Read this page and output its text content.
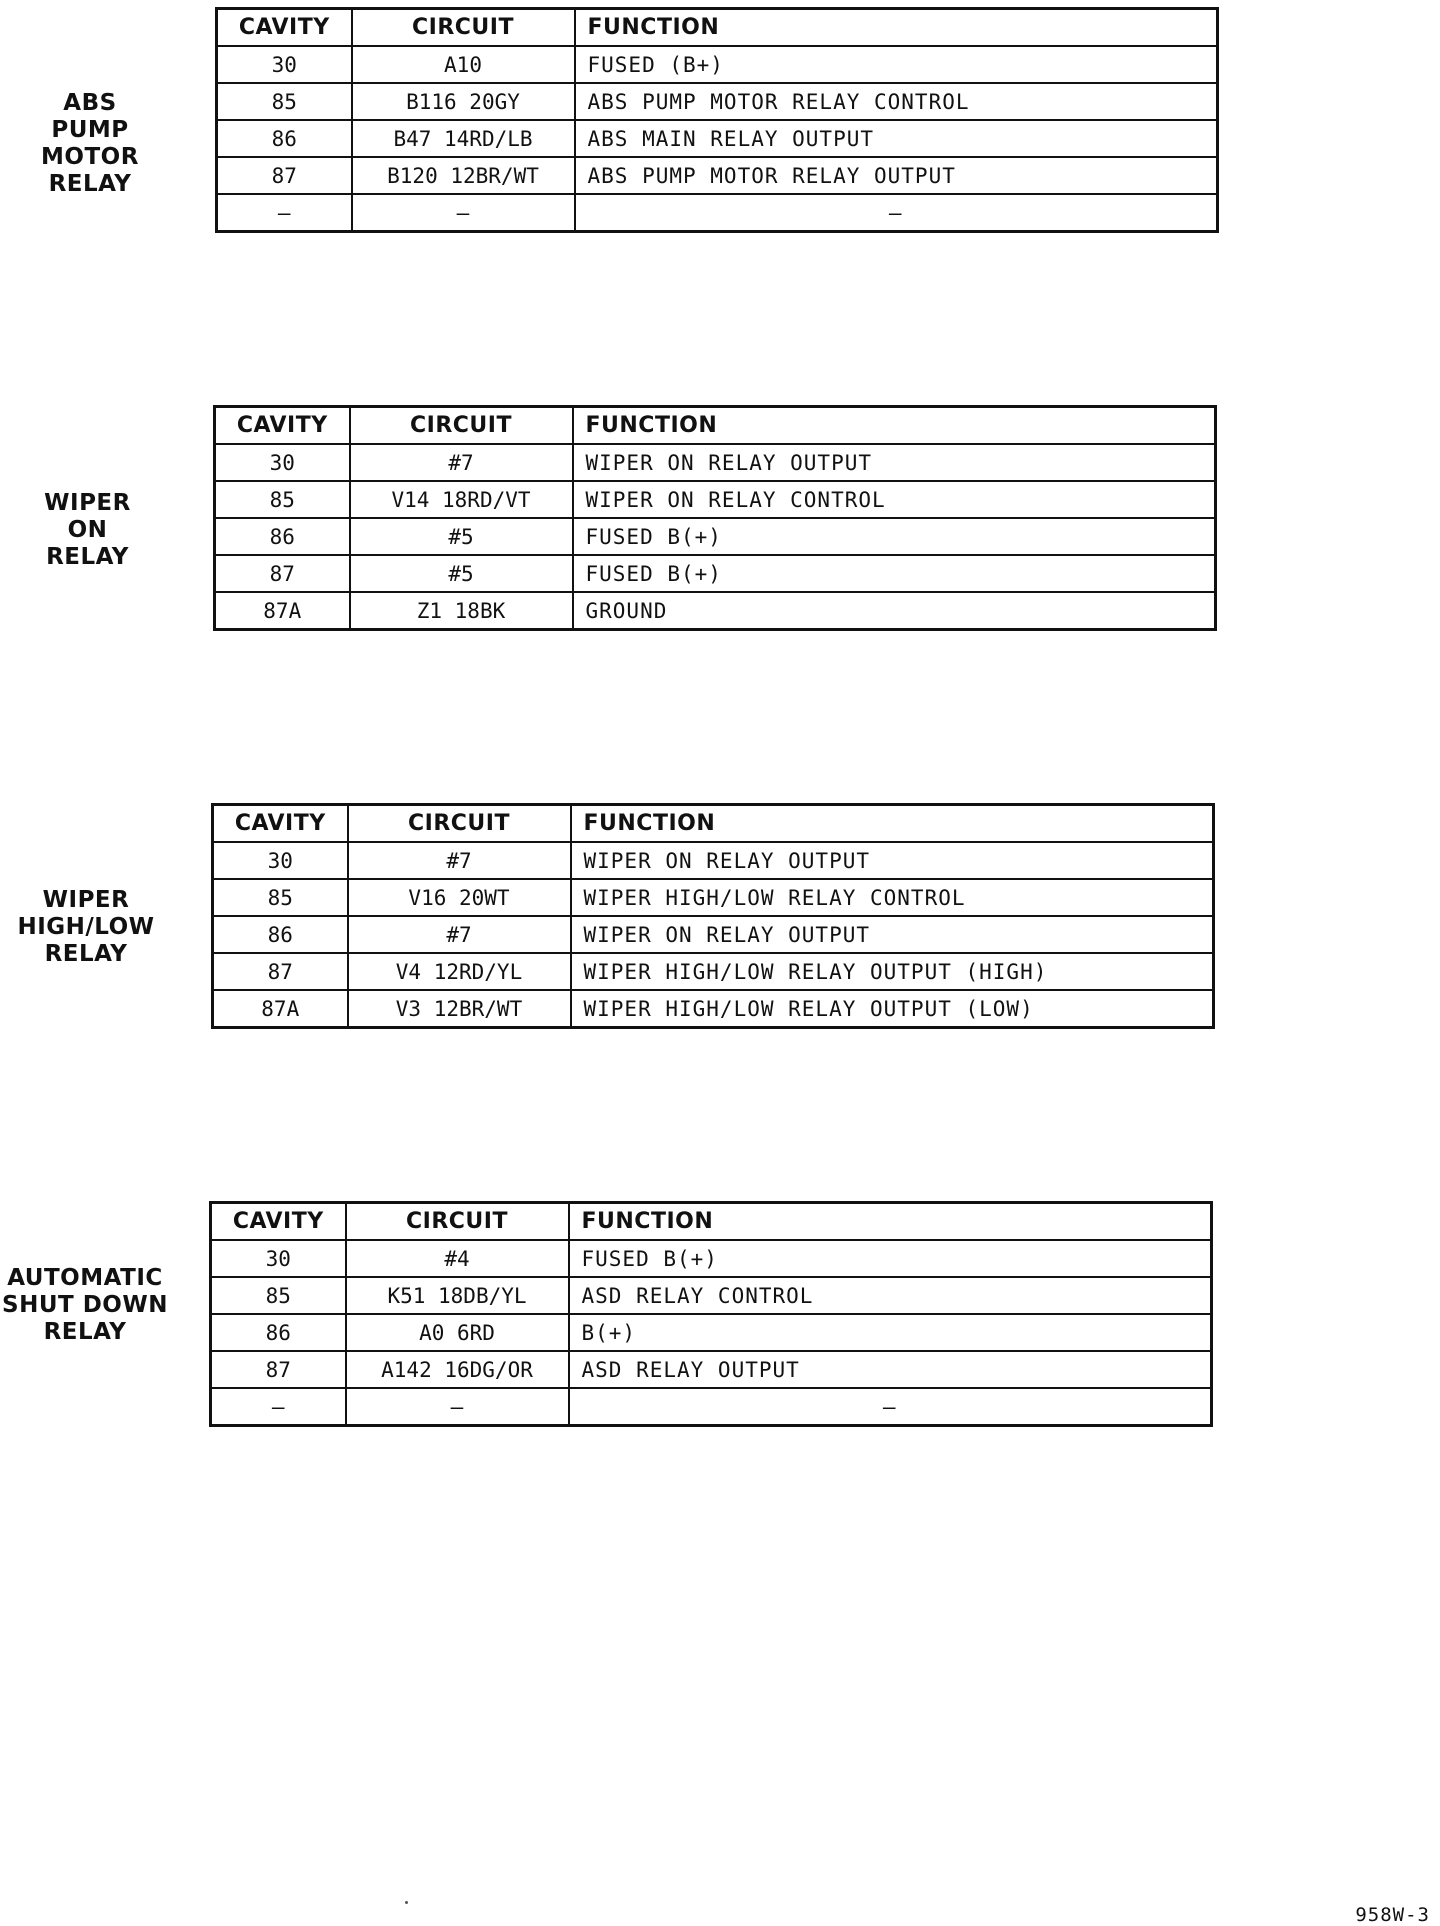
ABS
PUMP MOTOR
RELAY
CAVITY	CIRCUIT	FUNCTION
30	A10	FUSED (B+)
85	B116 20GY	ABS PUMP MOTOR RELAY CONTROL
86	B47 14RD/LB	ABS MAIN RELAY OUTPUT
87	B120 12BR/WT	ABS PUMP MOTOR RELAY OUTPUT
–	–	–
WIPER
ON
RELAY
CAVITY	CIRCUIT	FUNCTION
30	#7	WIPER ON RELAY OUTPUT
85	V14 18RD/VT	WIPER ON RELAY CONTROL
86	#5	FUSED B(+)
87	#5	FUSED B(+)
87A	Z1 18BK	GROUND
WIPER
HIGH/LOW
RELAY
CAVITY	CIRCUIT	FUNCTION
30	#7	WIPER ON RELAY OUTPUT
85	V16 20WT	WIPER HIGH/LOW RELAY CONTROL
86	#7	WIPER ON RELAY OUTPUT
87	V4 12RD/YL	WIPER HIGH/LOW RELAY OUTPUT (HIGH)
87A	V3 12BR/WT	WIPER HIGH/LOW RELAY OUTPUT (LOW)
AUTOMATIC
SHUT DOWN
RELAY
CAVITY	CIRCUIT	FUNCTION
30	#4	FUSED B(+)
85	K51 18DB/YL	ASD RELAY CONTROL
86	A0 6RD	B(+)
87	A142 16DG/OR	ASD RELAY OUTPUT
–	–	–
958W-3
